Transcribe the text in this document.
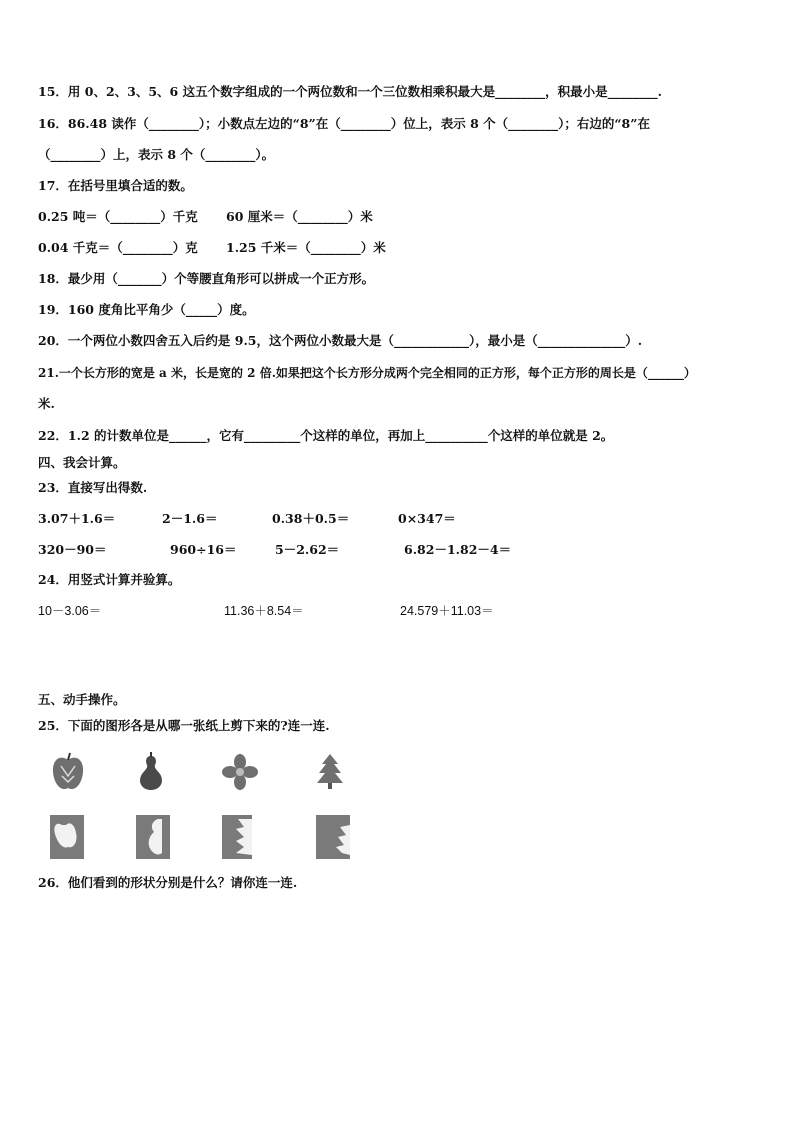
15．用 0、2、3、5、6 这五个数字组成的一个两位数和一个三位数相乘积最大是________，积最小是________.
16．86.48 读作（________）；小数点左边的“8”在（________）位上，表示 8 个（________）；右边的“8”在
（________）上，表示 8 个（________）。
17．在括号里填合适的数。
0.25 吨＝（________）千克 60 厘米＝（________）米
0.04 千克＝（________）克 1.25 千米＝（________）米
18．最少用（_______）个等腰直角形可以拼成一个正方形。
19．160 度角比平角少（_____）度。
20．一个两位小数四舍五入后约是 9.5，这个两位小数最大是（____________），最小是（______________）.
21.一个长方形的宽是 a 米，长是宽的 2 倍.如果把这个长方形分成两个完全相同的正方形，每个正方形的周长是（______）
米.
22．1.2 的计数单位是______，它有_________个这样的单位，再加上__________个这样的单位就是 2。
四、我会计算。
23．直接写出得数.
3.07＋1.6＝	2－1.6＝	0.38＋0.5＝	0×347＝
320－90＝	960÷16＝	5－2.62＝	6.82－1.82－4＝
24．用竖式计算并验算。
10－3.06＝	11.36＋8.54＝	24.579＋11.03＝
五、动手操作。
25．下面的图形各是从哪一张纸上剪下来的?连一连.
26．他们看到的形状分别是什么？请你连一连.
